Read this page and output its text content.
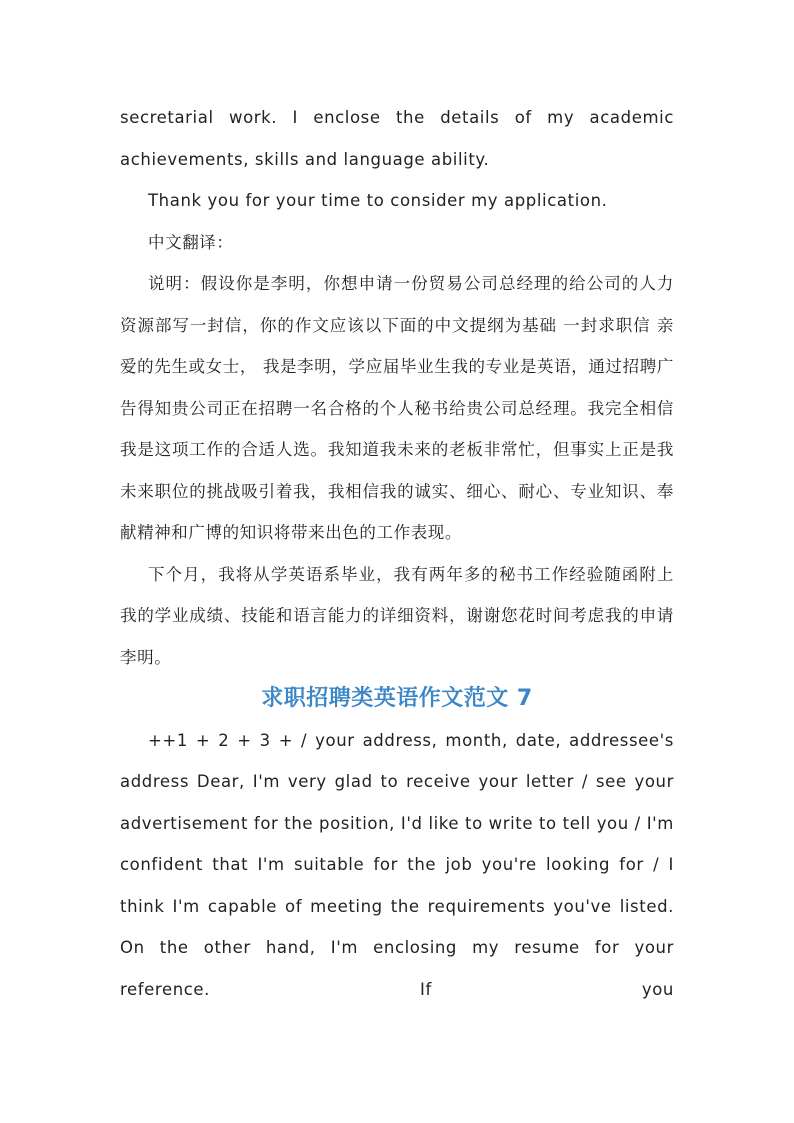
secretarial work. I enclose the details of my academic achievements, skills and language ability.

Thank you for your time to consider my application.

中文翻译：

说明：假设你是李明，你想申请一份贸易公司总经理的给公司的人力资源部写一封信，你的作文应该以下面的中文提纲为基础 一封求职信 亲爱的先生或女士， 我是李明，学应届毕业生我的专业是英语，通过招聘广告得知贵公司正在招聘一名合格的个人秘书给贵公司总经理。我完全相信我是这项工作的合适人选。我知道我未来的老板非常忙，但事实上正是我未来职位的挑战吸引着我，我相信我的诚实、细心、耐心、专业知识、奉献精神和广博的知识将带来出色的工作表现。

下个月，我将从学英语系毕业，我有两年多的秘书工作经验随函附上我的学业成绩、技能和语言能力的详细资料，谢谢您花时间考虑我的申请 李明。

求职招聘类英语作文范文 7

++1 + 2 + 3 + / your address, month, date, addressee's address Dear, I'm very glad to receive your letter / see your advertisement for the position, I'd like to write to tell you / I'm confident that I'm suitable for the job you're looking for / I think I'm capable of meeting the requirements you've listed. On the other hand, I'm enclosing my resume for your reference. If you
